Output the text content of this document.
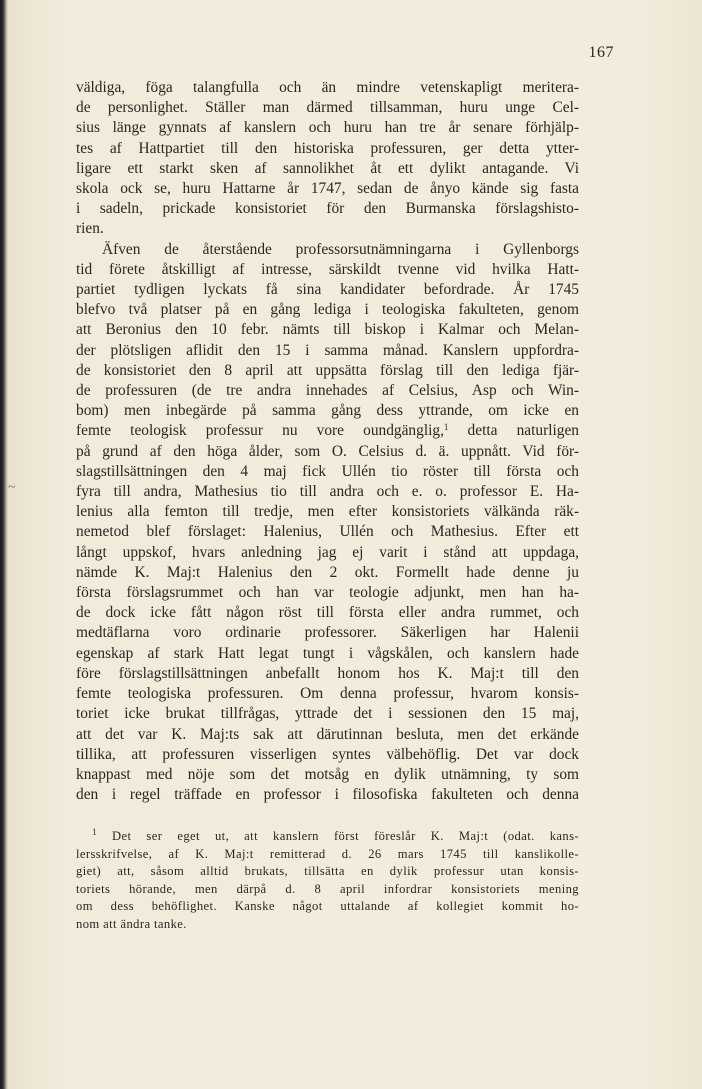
167
~

väldiga, föga talangfulla och än mindre vetenskapligt meritera-

de personlighet. Ställer man därmed tillsamman, huru unge Cel-

sius länge gynnats af kanslern och huru han tre år senare förhjälp-

tes af Hattpartiet till den historiska professuren, ger detta ytter-

ligare ett starkt sken af sannolikhet åt ett dylikt antagande. Vi

skola ock se, huru Hattarne år 1747, sedan de ånyo kände sig fasta

i sadeln, prickade konsistoriet för den Burmanska förslagshisto-

rien.

Äfven de återstående professorsutnämningarna i Gyllenborgs

tid förete åtskilligt af intresse, särskildt tvenne vid hvilka Hatt-

partiet tydligen lyckats få sina kandidater befordrade. År 1745

blefvo två platser på en gång lediga i teologiska fakulteten, genom

att Beronius den 10 febr. nämts till biskop i Kalmar och Melan-

der plötsligen aflidit den 15 i samma månad. Kanslern uppfordra-

de konsistoriet den 8 april att uppsätta förslag till den lediga fjär-

de professuren (de tre andra innehades af Celsius, Asp och Win-

bom) men inbegärde på samma gång dess yttrande, om icke en

femte teologisk professur nu vore oundgänglig,$^1$ detta naturligen

på grund af den höga ålder, som O. Celsius d. ä. uppnått. Vid för-

slagstillsättningen den 4 maj fick Ullén tio röster till första och

fyra till andra, Mathesius tio till andra och e. o. professor E. Ha-

lenius alla femton till tredje, men efter konsistoriets välkända räk-

nemetod blef förslaget: Halenius, Ullén och Mathesius. Efter ett

långt uppskof, hvars anledning jag ej varit i stånd att uppdaga,

nämde K. Maj:t Halenius den 2 okt. Formellt hade denne ju

första förslagsrummet och han var teologie adjunkt, men han ha-

de dock icke fått någon röst till första eller andra rummet, och

medtäflarna voro ordinarie professorer. Säkerligen har Halenii

egenskap af stark Hatt legat tungt i vågskålen, och kanslern hade

före förslagstillsättningen anbefallt honom hos K. Maj:t till den

femte teologiska professuren. Om denna professur, hvarom konsis-

toriet icke brukat tillfrågas, yttrade det i sessionen den 15 maj,

att det var K. Maj:ts sak att därutinnan besluta, men det erkände

tillika, att professuren visserligen syntes välbehöflig. Det var dock

knappast med nöje som det motsåg en dylik utnämning, ty som

den i regel träffade en professor i filosofiska fakulteten och denna

$^1$ Det ser eget ut, att kanslern först föreslår K. Maj:t (odat. kans-

lersskrifvelse, af K. Maj:t remitterad d. 26 mars 1745 till kanslikolle-

giet) att, såsom alltid brukats, tillsätta en dylik professur utan konsis-

toriets hörande, men därpå d. 8 april infordrar konsistoriets mening

om dess behöflighet. Kanske något uttalande af kollegiet kommit ho-

nom att ändra tanke.
